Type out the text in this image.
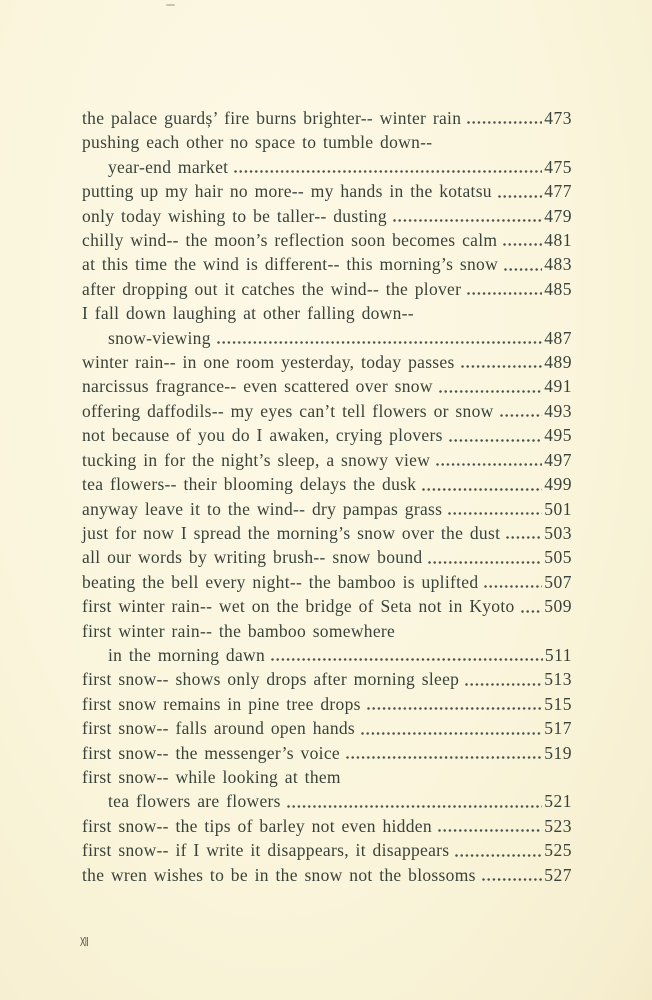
the palace guardș’ fire burns brighter-- winter rain	473
pushing each other no space to tumble down--
year-end market	475
putting up my hair no more-- my hands in the kotatsu	477
only today wishing to be taller-- dusting	479
chilly wind-- the moon’s reflection soon becomes calm	481
at this time the wind is different-- this morning’s snow	483
after dropping out it catches the wind-- the plover	485
I fall down laughing at other falling down--
snow-viewing	487
winter rain-- in one room yesterday, today passes	489
narcissus fragrance-- even scattered over snow	491
offering daffodils-- my eyes can’t tell flowers or snow	493
not because of you do I awaken, crying plovers	495
tucking in for the night’s sleep, a snowy view	497
tea flowers-- their blooming delays the dusk	499
anyway leave it to the wind-- dry pampas grass	501
just for now I spread the morning’s snow over the dust	503
all our words by writing brush-- snow bound	505
beating the bell every night-- the bamboo is uplifted	507
first winter rain-- wet on the bridge of Seta not in Kyoto 509
first winter rain-- the bamboo somewhere
in the morning dawn	511
first snow-- shows only drops after morning sleep	513
first snow remains in pine tree drops	515
first snow-- falls around open hands	517
first snow-- the messenger’s voice	519
first snow-- while looking at them
tea flowers are flowers	521
first snow-- the tips of barley not even hidden	523
first snow-- if I write it disappears, it disappears	525
the wren wishes to be in the snow not the blossoms	527
XII
